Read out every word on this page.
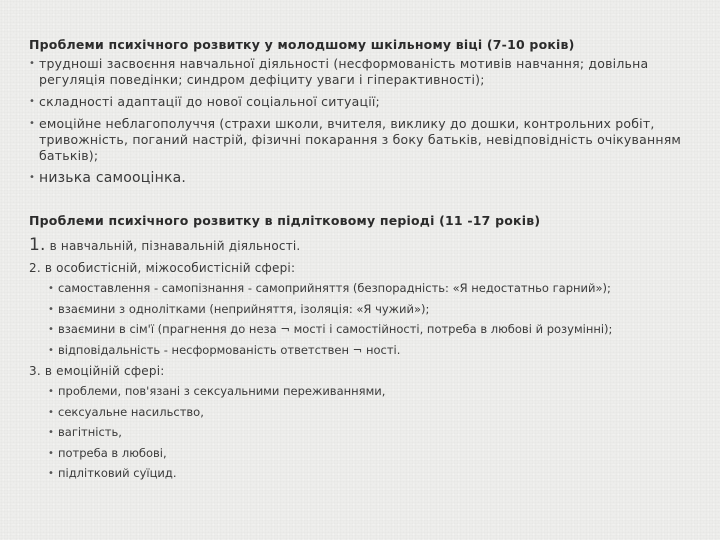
Проблеми психічного розвитку у молодшому шкільному віці (7-10 років)
• трудноші засвоєння навчальної діяльності (несформованість мотивів навчання; довільна регуляція поведінки; синдром дефіциту уваги і гіперактивності);
• складності адаптації до нової соціальної ситуації;
• емоційне неблагополуччя (страхи школи, вчителя, виклику до дошки, контрольних робіт, тривожність, поганий настрій, фізичні покарання з боку батьків, невідповідність очікуванням батьків);
• низька самооцінка.
Проблеми психічного розвитку в підлітковому періоді (11 -17 років)
1. в навчальній, пізнавальній діяльності.
2. в особистісній, міжособистісній сфері:
• самоставлення - самопізнання - самоприйняття (безпорадність: «Я недостатньо гарний»);
• взаємини з однолітками (неприйняття, ізоляція: «Я чужий»);
• взаємини в сім'ї (прагнення до неза ¬ мості і самостійності, потреба в любові й розумінні);
• відповідальність - несформованість ответствен ¬ ності.
3. в емоційній сфері:
• проблеми, пов'язані з сексуальними переживаннями,
• сексуальне насильство,
• вагітність,
• потреба в любові,
• підлітковий суїцид.
